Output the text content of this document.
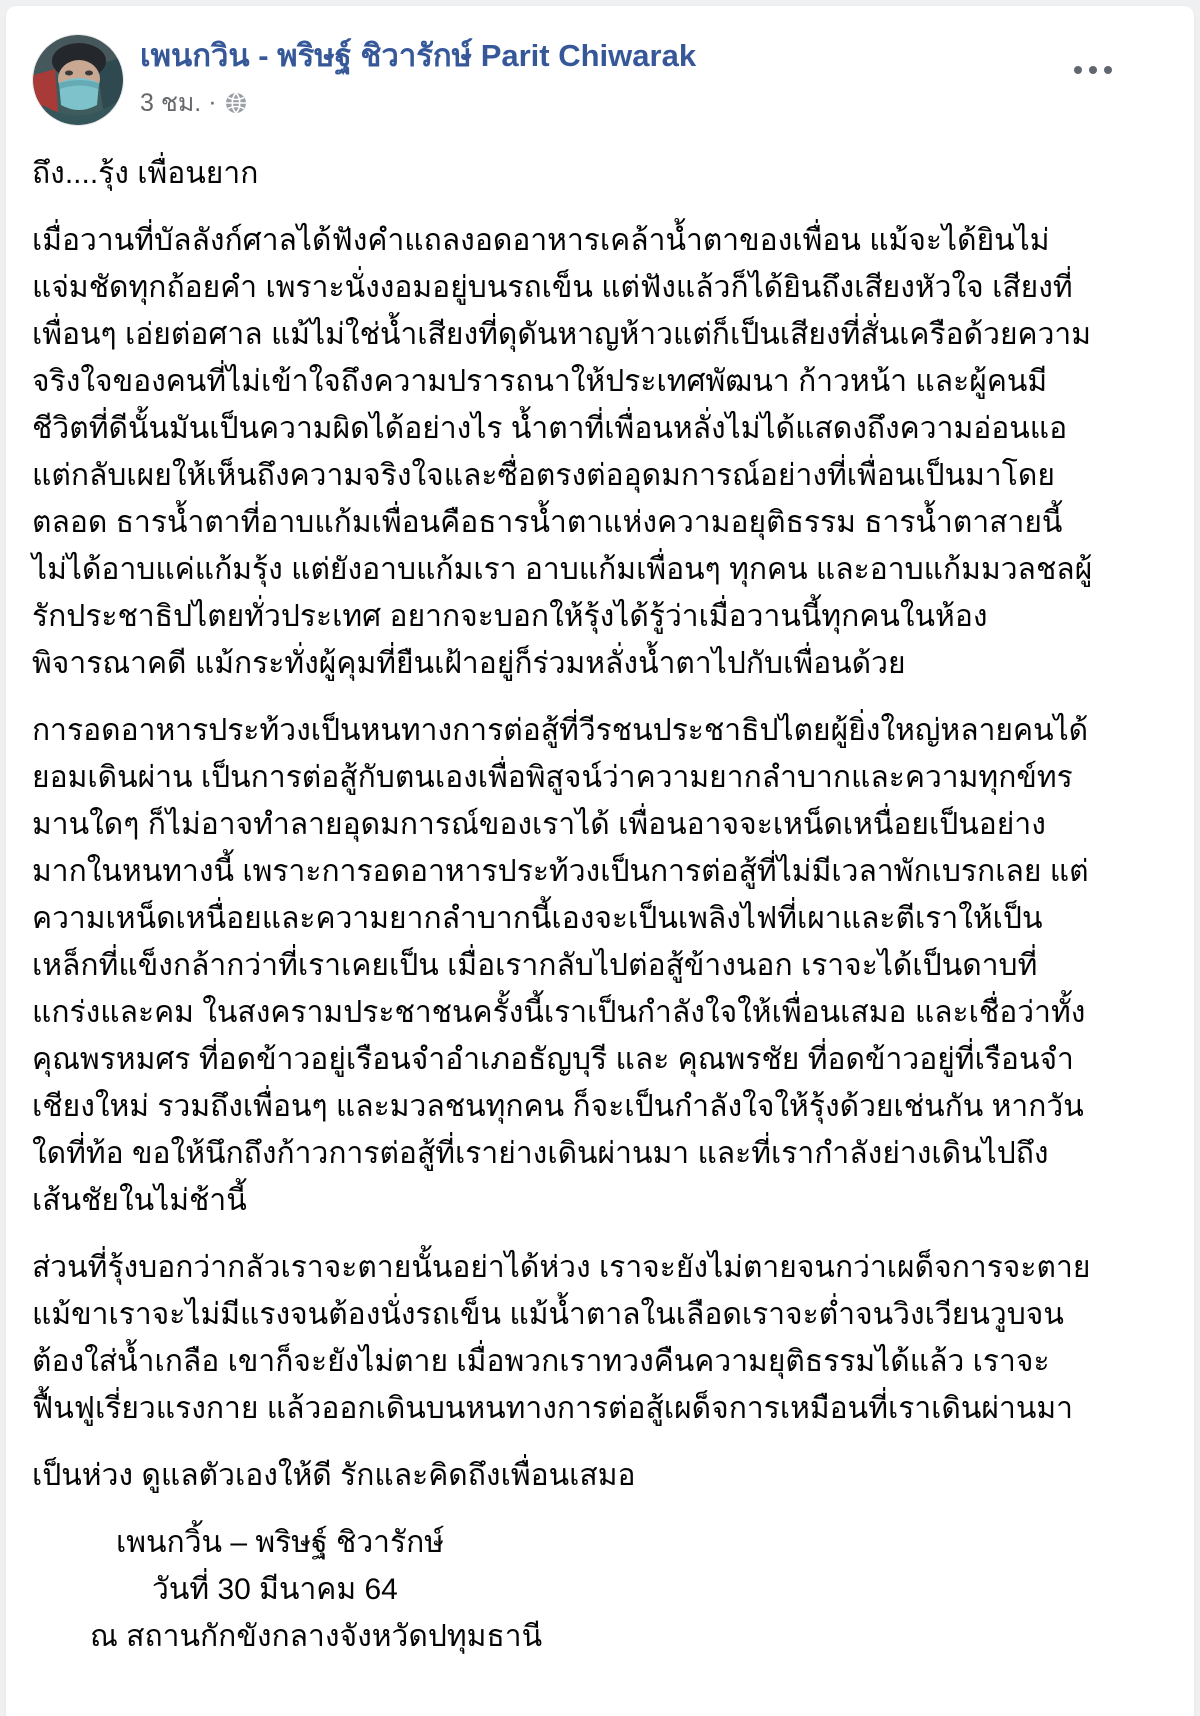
เพนกวิน - พริษฐ์ ชิวารักษ์ Parit Chiwarak
3 ชม. ·

ถึง....รุ้ง เพื่อนยาก

เมื่อวานที่บัลลังก์ศาลได้ฟังคำแถลงอดอาหารเคล้าน้ำตาของเพื่อน แม้จะได้ยินไม่แจ่มชัดทุกถ้อยคำ เพราะนั่งงอมอยู่บนรถเข็น แต่ฟังแล้วก็ได้ยินถึงเสียงหัวใจ เสียงที่เพื่อนๆ เอ่ยต่อศาล แม้ไม่ใช่น้ำเสียงที่ดุดันหาญห้าวแต่ก็เป็นเสียงที่สั่นเครือด้วยความจริงใจของคนที่ไม่เข้าใจถึงความปรารถนาให้ประเทศพัฒนา ก้าวหน้า และผู้คนมีชีวิตที่ดีนั้นมันเป็นความผิดได้อย่างไร น้ำตาที่เพื่อนหลั่งไม่ได้แสดงถึงความอ่อนแอ แต่กลับเผยให้เห็นถึงความจริงใจและซื่อตรงต่ออุดมการณ์อย่างที่เพื่อนเป็นมาโดยตลอด ธารน้ำตาที่อาบแก้มเพื่อนคือธารน้ำตาแห่งความอยุติธรรม ธารน้ำตาสายนี้ไม่ได้อาบแค่แก้มรุ้ง แต่ยังอาบแก้มเรา อาบแก้มเพื่อนๆ ทุกคน และอาบแก้มมวลชลผู้รักประชาธิปไตยทั่วประเทศ อยากจะบอกให้รุ้งได้รู้ว่าเมื่อวานนี้ทุกคนในห้องพิจารณาคดี แม้กระทั่งผู้คุมที่ยืนเฝ้าอยู่ก็ร่วมหลั่งน้ำตาไปกับเพื่อนด้วย

การอดอาหารประท้วงเป็นหนทางการต่อสู้ที่วีรชนประชาธิปไตยผู้ยิ่งใหญ่หลายคนได้ยอมเดินผ่าน เป็นการต่อสู้กับตนเองเพื่อพิสูจน์ว่าความยากลำบากและความทุกข์ทรมานใดๆ ก็ไม่อาจทำลายอุดมการณ์ของเราได้ เพื่อนอาจจะเหน็ดเหนื่อยเป็นอย่างมากในหนทางนี้ เพราะการอดอาหารประท้วงเป็นการต่อสู้ที่ไม่มีเวลาพักเบรกเลย แต่ความเหน็ดเหนื่อยและความยากลำบากนี้เองจะเป็นเพลิงไฟที่เผาและตีเราให้เป็นเหล็กที่แข็งกล้ากว่าที่เราเคยเป็น เมื่อเรากลับไปต่อสู้ข้างนอก เราจะได้เป็นดาบที่แกร่งและคม ในสงครามประชาชนครั้งนี้เราเป็นกำลังใจให้เพื่อนเสมอ และเชื่อว่าทั้ง คุณพรหมศร ที่อดข้าวอยู่เรือนจำอำเภอธัญบุรี และ คุณพรชัย ที่อดข้าวอยู่ที่เรือนจำเชียงใหม่ รวมถึงเพื่อนๆ และมวลชนทุกคน ก็จะเป็นกำลังใจให้รุ้งด้วยเช่นกัน หากวันใดที่ท้อ ขอให้นึกถึงก้าวการต่อสู้ที่เราย่างเดินผ่านมา และที่เรากำลังย่างเดินไปถึงเส้นชัยในไม่ช้านี้

ส่วนที่รุ้งบอกว่ากลัวเราจะตายนั้นอย่าได้ห่วง เราจะยังไม่ตายจนกว่าเผด็จการจะตาย แม้ขาเราจะไม่มีแรงจนต้องนั่งรถเข็น แม้น้ำตาลในเลือดเราจะต่ำจนวิงเวียนวูบจนต้องใส่น้ำเกลือ เขาก็จะยังไม่ตาย เมื่อพวกเราทวงคืนความยุติธรรมได้แล้ว เราจะฟื้นฟูเรี่ยวแรงกาย แล้วออกเดินบนหนทางการต่อสู้เผด็จการเหมือนที่เราเดินผ่านมา

เป็นห่วง ดูแลตัวเองให้ดี รักและคิดถึงเพื่อนเสมอ

เพนกวิ้น – พริษฐ์ ชิวารักษ์
วันที่ 30 มีนาคม 64
ณ สถานกักขังกลางจังหวัดปทุมธานี
